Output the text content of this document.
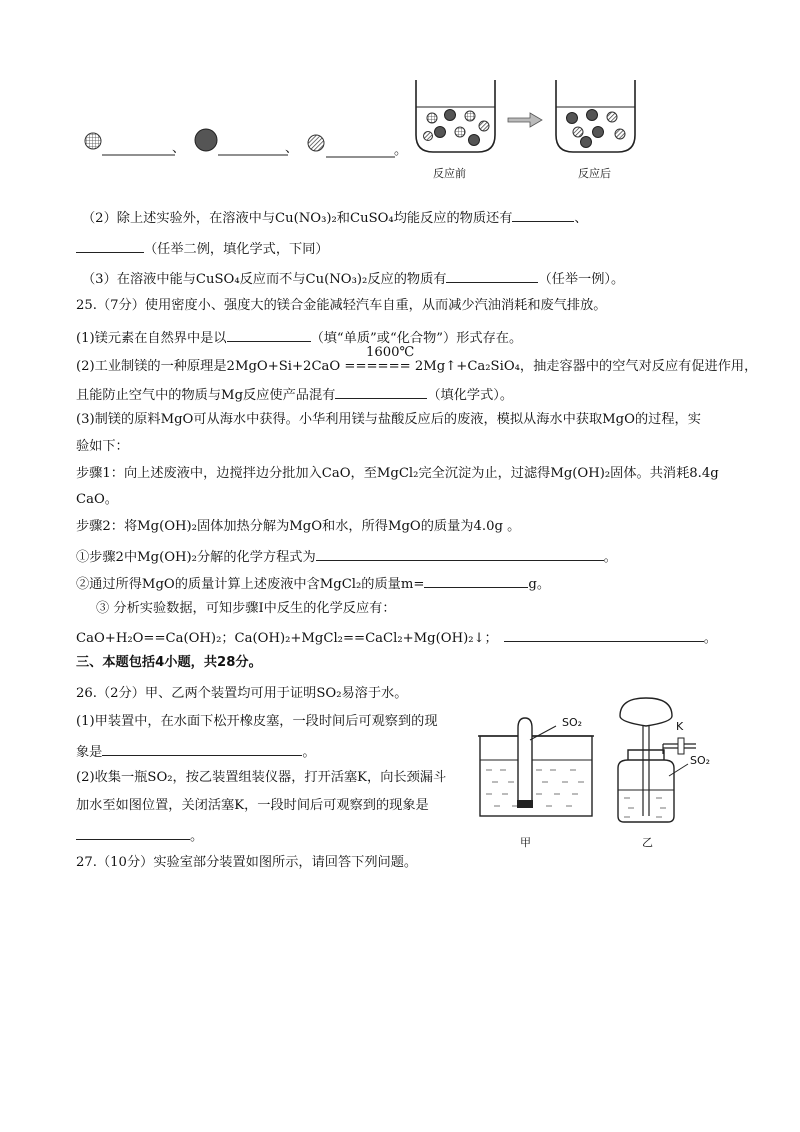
、	、	。
反应前	反应后
（2）除上述实验外，在溶液中与Cu(NO₃)₂和CuSO₄均能反应的物质还有	、
（任举二例，填化学式，下同）
（3）在溶液中能与CuSO₄反应而不与Cu(NO₃)₂反应的物质有	（任举一例）。
25.（7分）使用密度小、强度大的镁合金能减轻汽车自重，从而减少汽油消耗和废气排放。
(1)镁元素在自然界中是以	（填“单质”或“化合物”）形式存在。
1600℃
(2)工业制镁的一种原理是2MgO+Si+2CaO ====== 2Mg↑+Ca₂SiO₄，抽走容器中的空气对反应有促进作用，
且能防止空气中的物质与Mg反应使产品混有	（填化学式）。
(3)制镁的原料MgO可从海水中获得。小华利用镁与盐酸反应后的废液，模拟从海水中获取MgO的过程，实
验如下：
步骤1：向上述废液中，边搅拌边分批加入CaO，至MgCl₂完全沉淀为止，过滤得Mg(OH)₂固体。共消耗8.4g
CaO。
步骤2：将Mg(OH)₂固体加热分解为MgO和水，所得MgO的质量为4.0g 。
①步骤2中Mg(OH)₂分解的化学方程式为	。
②通过所得MgO的质量计算上述废液中含MgCl₂的质量m=	g。
③ 分析实验数据，可知步骤Ⅰ中反生的化学反应有：
CaO+H₂O==Ca(OH)₂；Ca(OH)₂+MgCl₂==CaCl₂+Mg(OH)₂↓；	。
三、本题包括4小题，共28分。
26.（2分）甲、乙两个装置均可用于证明SO₂易溶于水。
(1)甲装置中，在水面下松开橡皮塞，一段时间后可观察到的现
象是	。
(2)收集一瓶SO₂，按乙装置组装仪器，打开活塞K，向长颈漏斗
加水至如图位置，关闭活塞K，一段时间后可观察到的现象是
。
SO₂	K
SO₂
甲	乙
27.（10分）实验室部分装置如图所示，请回答下列问题。
